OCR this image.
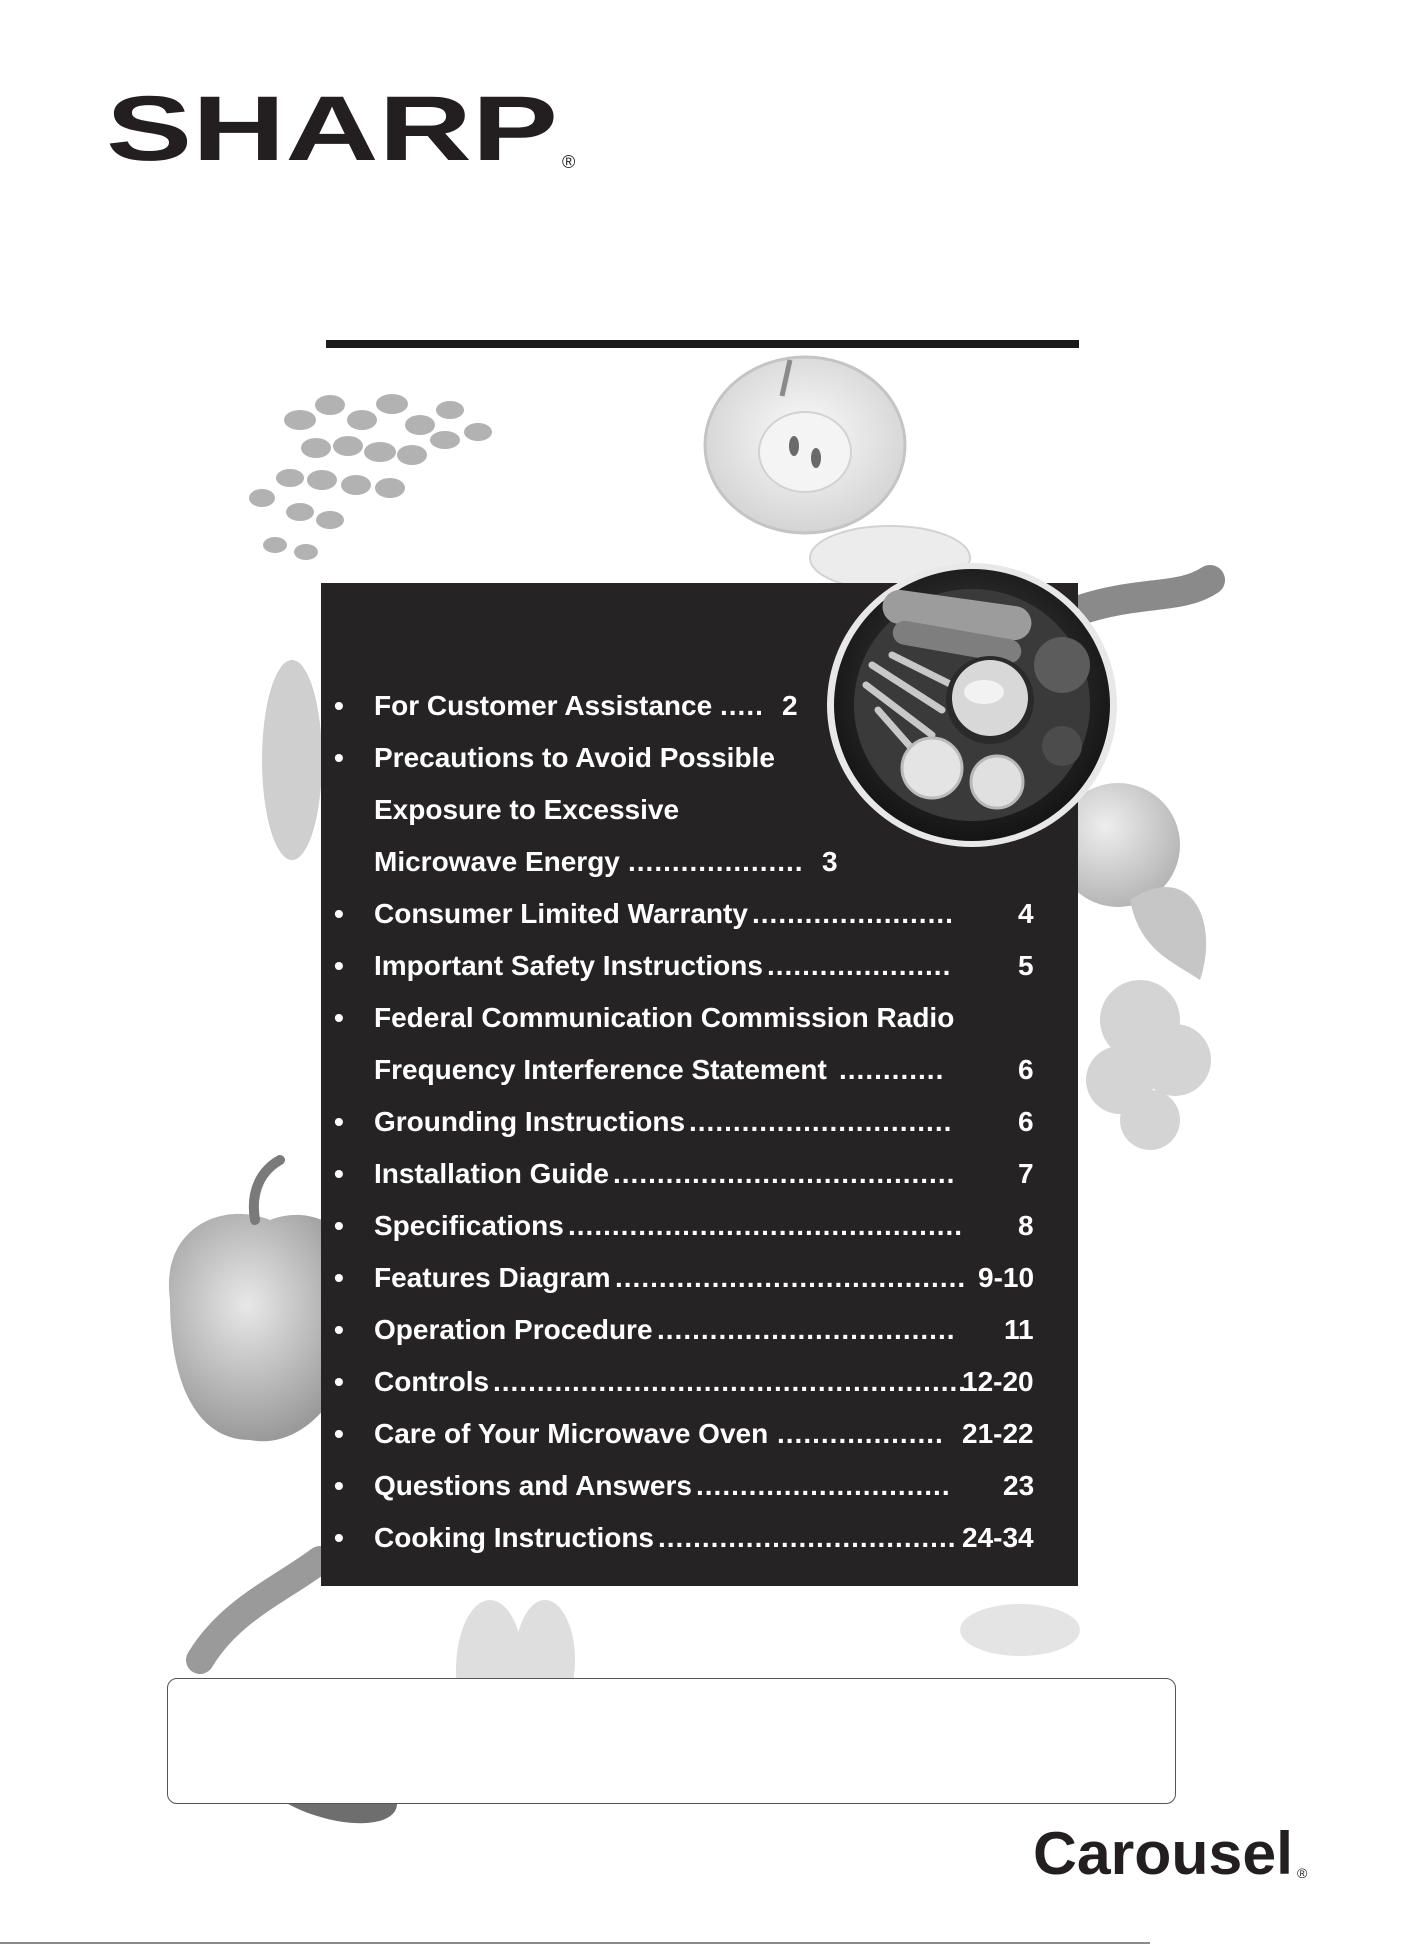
SHARP ®
• For Customer Assistance ..... 2
• Precautions to Avoid Possible
Exposure to Excessive
Microwave Energy .................... 3
• Consumer Limited Warranty ....................... 4
• Important Safety Instructions ..................... 5
• Federal Communication Commission Radio
Frequency Interference Statement ............	6
• Grounding Instructions .............................. 6
• Installation Guide ....................................... 7
• Specifications ............................................. 8
• Features Diagram ........................................ 9-10
• Operation Procedure .................................. 11
• Controls .......................................................
12-20
• Care of Your Microwave Oven ................... 21-22
• Questions and Answers ............................. 23
• Cooking Instructions .................................. 24-34
Carousel ®
